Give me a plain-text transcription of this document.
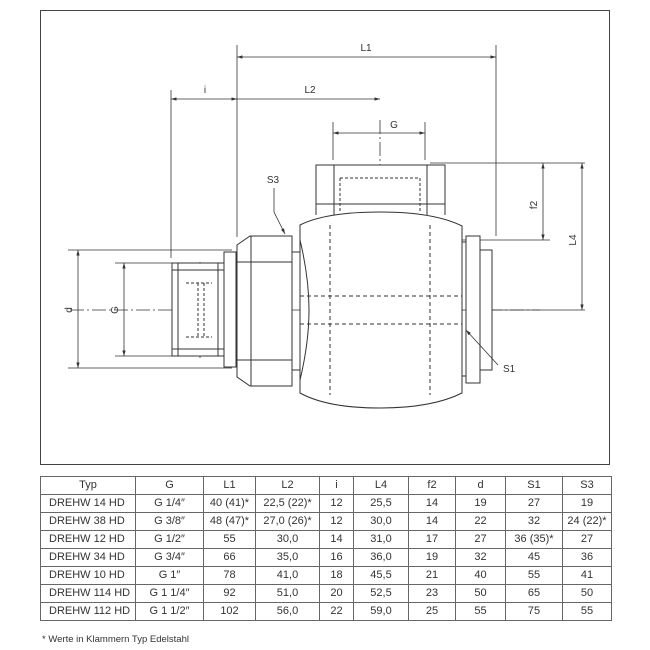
L1
i	L2
G
S3
S1
f2
L4
d	G
Typ	G	L1	L2	i	L4	f2	d	S1	S3
DREHW 14 HD	G 1/4″	40 (41)*	22,5 (22)*	12	25,5	14	19	27	19
DREHW 38 HD	G 3/8″	48 (47)*	27,0 (26)*	12	30,0	14	22	32	24 (22)*
DREHW 12 HD	G 1/2″	55	30,0	14	31,0	17	27	36 (35)*	27
DREHW 34 HD	G 3/4″	66	35,0	16	36,0	19	32	45	36
DREHW 10 HD	G 1″	78	41,0	18	45,5	21	40	55	41
DREHW 114 HD	G 1 1/4″	92	51,0	20	52,5	23	50	65	50
DREHW 112 HD	G 1 1/2″	102	56,0	22	59,0	25	55	75	55
* Werte in Klammern Typ Edelstahl
